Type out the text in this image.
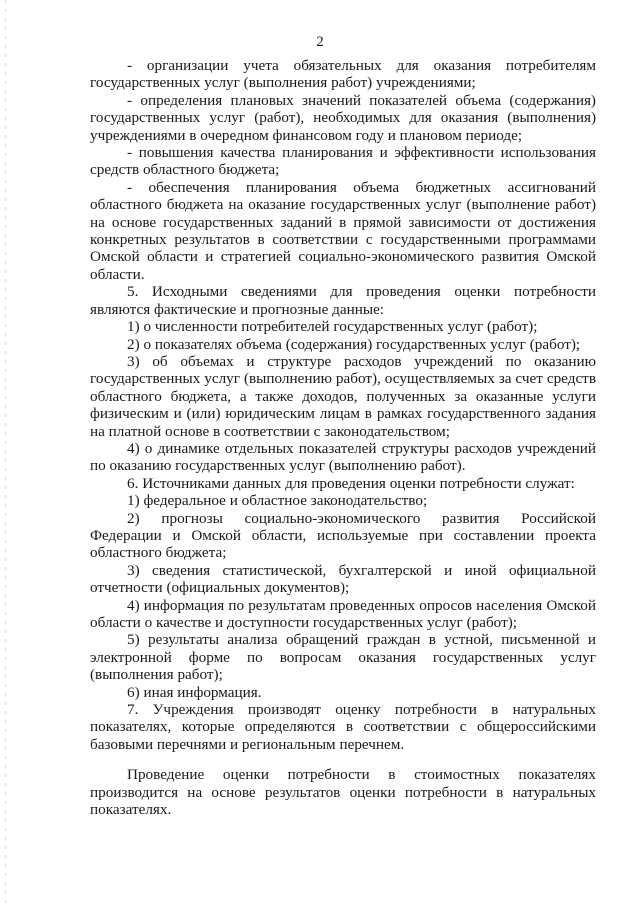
2

- организации учета обязательных для оказания потребителям государственных услуг (выполнения работ) учреждениями;

- определения плановых значений показателей объема (содержания) государственных услуг (работ), необходимых для оказания (выполнения) учреждениями в очередном финансовом году и плановом периоде;

- повышения качества планирования и эффективности использования средств областного бюджета;

- обеспечения планирования объема бюджетных ассигнований областного бюджета на оказание государственных услуг (выполнение работ) на основе государственных заданий в прямой зависимости от достижения конкретных результатов в соответствии с государственными программами Омской области и стратегией социально-экономического развития Омской области.

5. Исходными сведениями для проведения оценки потребности являются фактические и прогнозные данные:

1) о численности потребителей государственных услуг (работ);

2) о показателях объема (содержания) государственных услуг (работ);

3) об объемах и структуре расходов учреждений по оказанию государственных услуг (выполнению работ), осуществляемых за счет средств областного бюджета, а также доходов, полученных за оказанные услуги физическим и (или) юридическим лицам в рамках государственного задания на платной основе в соответствии с законодательством;

4) о динамике отдельных показателей структуры расходов учреждений по оказанию государственных услуг (выполнению работ).

6. Источниками данных для проведения оценки потребности служат:

1) федеральное и областное законодательство;

2) прогнозы социально-экономического развития Российской Федерации и Омской области, используемые при составлении проекта областного бюджета;

3) сведения статистической, бухгалтерской и иной официальной отчетности (официальных документов);

4) информация по результатам проведенных опросов населения Омской области о качестве и доступности государственных услуг (работ);

5) результаты анализа обращений граждан в устной, письменной и электронной форме по вопросам оказания государственных услуг (выполнения работ);

6) иная информация.

7. Учреждения производят оценку потребности в натуральных показателях, которые определяются в соответствии с общероссийскими базовыми перечнями и региональным перечнем.

Проведение оценки потребности в стоимостных показателях производится на основе результатов оценки потребности в натуральных показателях.
